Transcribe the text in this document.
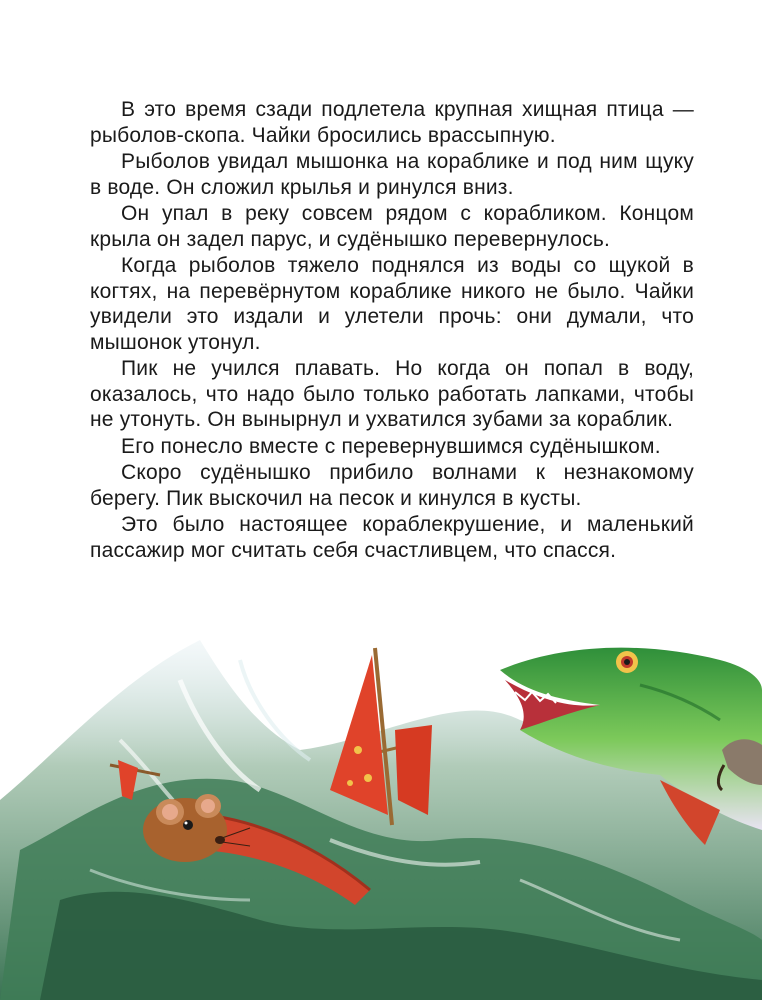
В это время сзади подлетела крупная хищная птица — рыболов-скопа. Чайки бросились врассыпную.

Рыболов увидал мышонка на кораблике и под ним щуку в воде. Он сложил крылья и ринулся вниз.

Он упал в реку совсем рядом с корабликом. Концом крыла он задел парус, и судёнышко перевернулось.

Когда рыболов тяжело поднялся из воды со щукой в когтях, на перевёрнутом кораблике никого не было. Чайки увидели это издали и улетели прочь: они думали, что мышонок утонул.

Пик не учился плавать. Но когда он попал в воду, оказалось, что надо было только работать лапками, чтобы не утонуть. Он вынырнул и ухватился зубами за кораблик.

Его понесло вместе с перевернувшимся судёнышком.

Скоро судёнышко прибило волнами к незнакомому берегу. Пик выскочил на песок и кинулся в кусты.

Это было настоящее кораблекрушение, и маленький пассажир мог считать себя счастливцем, что спасся.
